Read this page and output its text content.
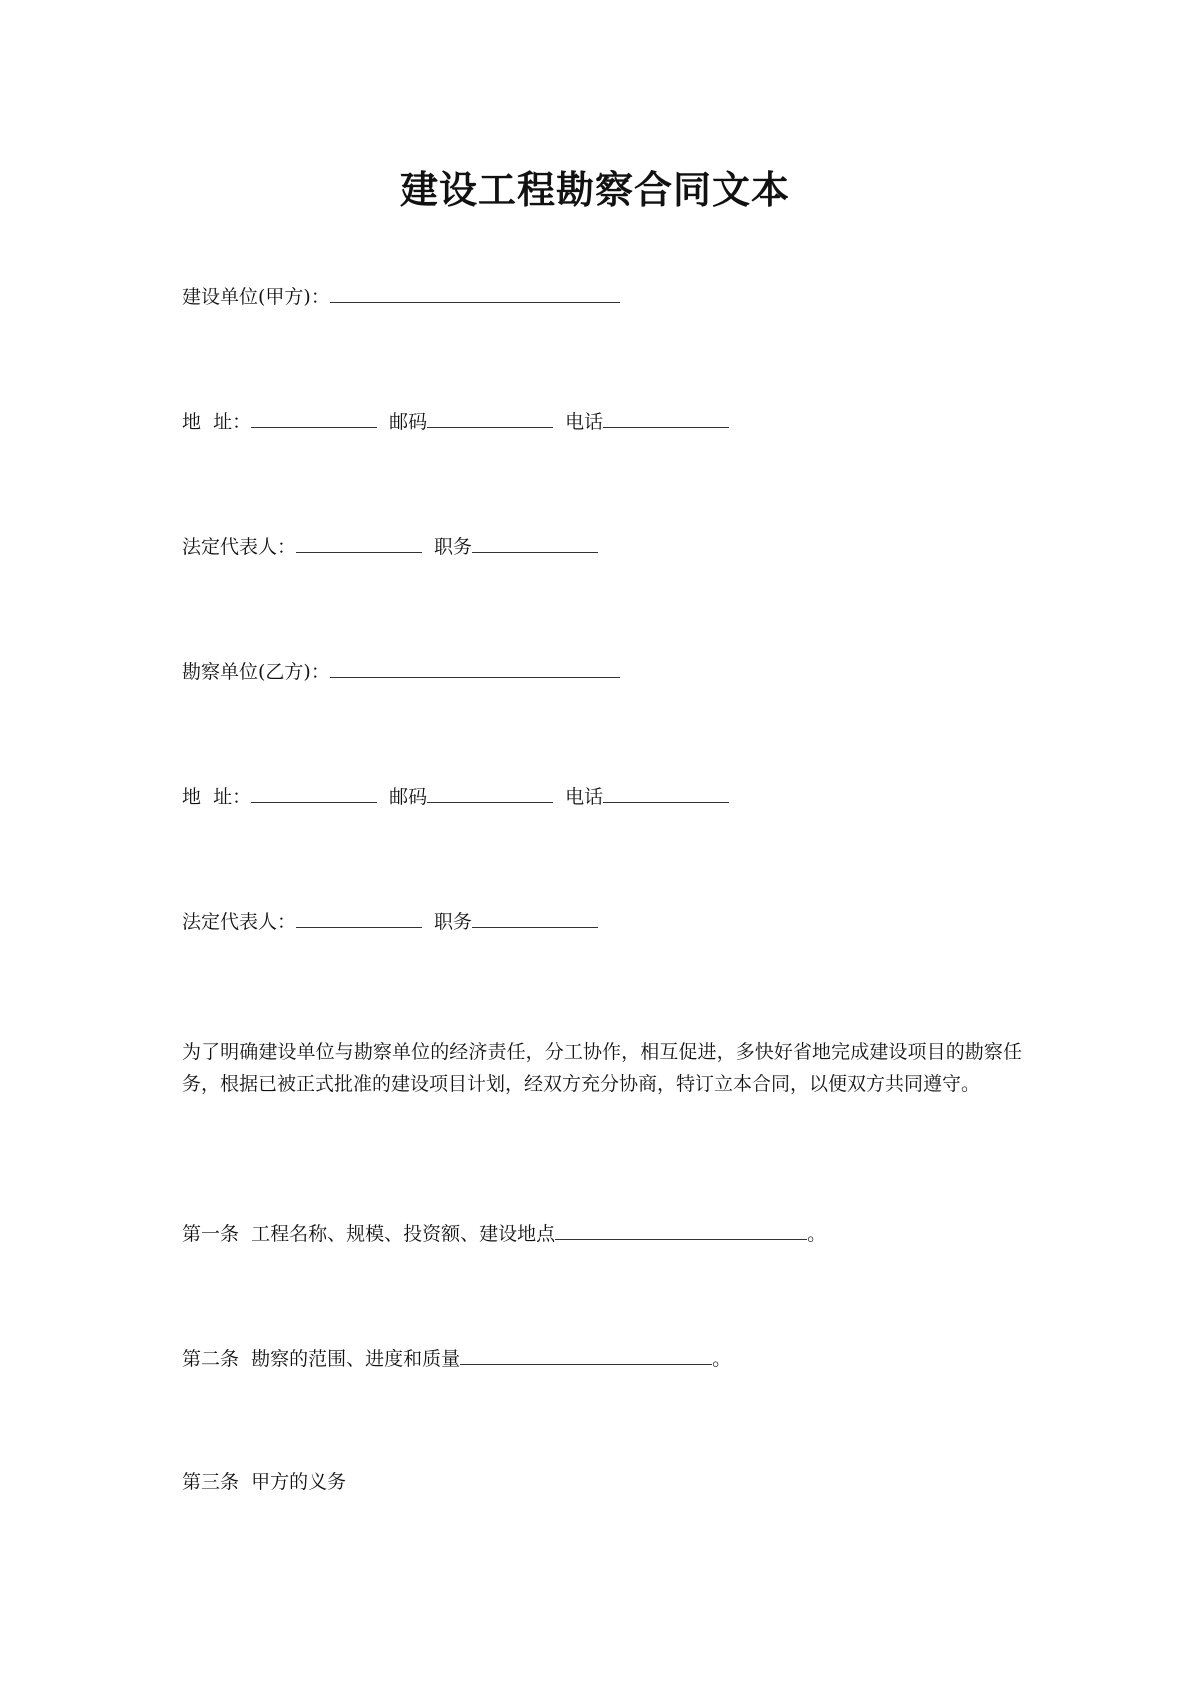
建设工程勘察合同文本
建设单位(甲方)：
地  址：	邮码	电话
法定代表人：	职务
勘察单位(乙方)：
地  址：	邮码	电话
法定代表人：	职务
为了明确建设单位与勘察单位的经济责任，分工协作，相互促进，多快好省地完成建设项目的勘察任务，根据已被正式批准的建设项目计划，经双方充分协商，特订立本合同，以便双方共同遵守。
第一条  工程名称、规模、投资额、建设地点	。
第二条  勘察的范围、进度和质量	。
第三条  甲方的义务
